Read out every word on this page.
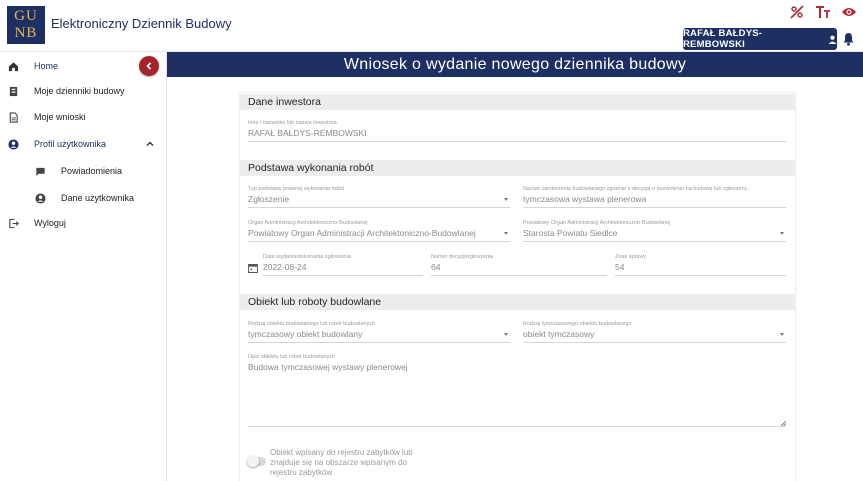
GU
NB
Elektroniczny Dziennik Budowy
RAFAŁ BAŁDYS-REMBOWSKI
Home
Moje dzienniki budowy
Moje wnioski
Profil użytkownika
Powiadomienia
Dane użytkownika
Wyloguj
Wniosek o wydanie nowego dziennika budowy
Dane inwestora
Podstawa wykonania robót
Obiekt lub roboty budowlane
Imię i nazwisko lub nazwa inwestora
RAFAŁ BAŁDYS-REMBOWSKI
Typ podstawy prawnej wykonania robót
Zgłoszenie
Nazwa zamierzenia budowlanego zgodnie z decyzją o pozwoleniu na budowę lub zgłoszeni...
tymczasowa wystawa plenerowa
Organ Administracji Architektoniczno-Budowlanej
Powiatowy Organ Administracji Architektoniczno-Budowlanej
Powiatowy Organ Administracji Architektoniczno-Budowlanej
Starosta Powiatu Siedlce
Data wydania/dokonania zgłoszenia
2022-08-24
Numer decyzji/zgłoszenia
64
Znak sprawy
54
Rodzaj obiektu budowlanego lub robót budowlanych
tymczasowy obiekt budowlany
Rodzaj tymczasowego obiektu budowlanego
obiekt tymczasowy
Opis obiektu lub robót budowlanych
Budowa tymczasowej wystawy plenerowej
Obiekt wpisany do rejestru zabytków lub znajduje się na obszarze wpisanym do rejestru zabytków
